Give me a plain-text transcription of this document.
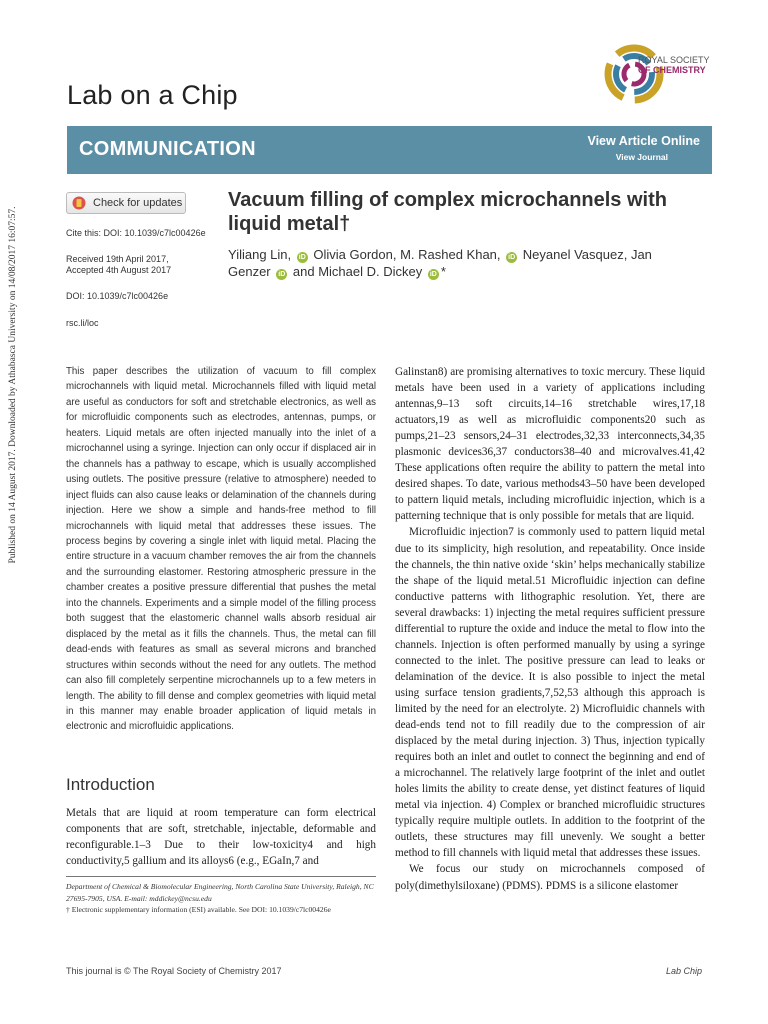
Published on 14 August 2017. Downloaded by Athabasca University on 14/08/2017 16:07:57.
Lab on a Chip
ROYAL SOCIETY
OF CHEMISTRY
COMMUNICATION	View Article Online
View Journal
Check for updates
Cite this: DOI: 10.1039/c7lc00426e
Received 19th April 2017,
Accepted 4th August 2017
DOI: 10.1039/c7lc00426e
rsc.li/loc
Vacuum filling of complex microchannels with liquid metal†
Yiliang Lin, iD Olivia Gordon, M. Rashed Khan, iD Neyanel Vasquez, Jan Genzer iD and Michael D. Dickey iD *
This paper describes the utilization of vacuum to fill complex microchannels with liquid metal. Microchannels filled with liquid metal are useful as conductors for soft and stretchable electronics, as well as for microfluidic components such as electrodes, antennas, pumps, or heaters. Liquid metals are often injected manually into the inlet of a microchannel using a syringe. Injection can only occur if displaced air in the channels has a pathway to escape, which is usually accomplished using outlets. The positive pressure (relative to atmosphere) needed to inject fluids can also cause leaks or delamination of the channels during injection. Here we show a simple and hands-free method to fill microchannels with liquid metal that addresses these issues. The process begins by covering a single inlet with liquid metal. Placing the entire structure in a vacuum chamber removes the air from the channels and the surrounding elastomer. Restoring atmospheric pressure in the chamber creates a positive pressure differential that pushes the metal into the channels. Experiments and a simple model of the filling process both suggest that the elastomeric channel walls absorb residual air displaced by the metal as it fills the channels. Thus, the metal can fill dead-ends with features as small as several microns and branched structures within seconds without the need for any outlets. The method can also fill completely serpentine microchannels up to a few meters in length. The ability to fill dense and complex geometries with liquid metal in this manner may enable broader application of liquid metals in electronic and microfluidic applications.
Introduction
Metals that are liquid at room temperature can form electrical components that are soft, stretchable, injectable, deformable and reconfigurable.1–3 Due to their low-toxicity4 and high conductivity,5 gallium and its alloys6 (e.g., EGaIn,7 and
Department of Chemical & Biomolecular Engineering, North Carolina State University, Raleigh, NC 27695-7905, USA. E-mail: mddickey@ncsu.edu
† Electronic supplementary information (ESI) available. See DOI: 10.1039/c7lc00426e

Galinstan8) are promising alternatives to toxic mercury. These liquid metals have been used in a variety of applications including antennas,9–13 soft circuits,14–16 stretchable wires,17,18 actuators,19 as well as microfluidic components20 such as pumps,21–23 sensors,24–31 electrodes,32,33 interconnects,34,35 plasmonic devices36,37 conductors38–40 and microvalves.41,42 These applications often require the ability to pattern the metal into desired shapes. To date, various methods43–50 have been developed to pattern liquid metals, including microfluidic injection, which is a patterning technique that is only possible for metals that are liquid.

Microfluidic injection7 is commonly used to pattern liquid metal due to its simplicity, high resolution, and repeatability. Once inside the channels, the thin native oxide ‘skin’ helps mechanically stabilize the shape of the liquid metal.51 Microfluidic injection can define conductive patterns with lithographic resolution. Yet, there are several drawbacks: 1) injecting the metal requires sufficient pressure differential to rupture the oxide and induce the metal to flow into the channels. Injection is often performed manually by using a syringe connected to the inlet. The positive pressure can lead to leaks or delamination of the device. It is also possible to inject the metal using surface tension gradients,7,52,53 although this approach is limited by the need for an electrolyte. 2) Microfluidic channels with dead-ends tend not to fill readily due to the compression of air displaced by the metal during injection. 3) Thus, injection typically requires both an inlet and outlet to connect the beginning and end of a microchannel. The relatively large footprint of the inlet and outlet holes limits the ability to create dense, yet distinct features of liquid metal via injection. 4) Complex or branched microfluidic structures typically require multiple outlets. In addition to the footprint of the outlets, these structures may fill unevenly. We sought a better method to fill channels with liquid metal that addresses these issues.

We focus our study on microchannels composed of poly(dimethylsiloxane) (PDMS). PDMS is a silicone elastomer

This journal is © The Royal Society of Chemistry 2017	Lab Chip
